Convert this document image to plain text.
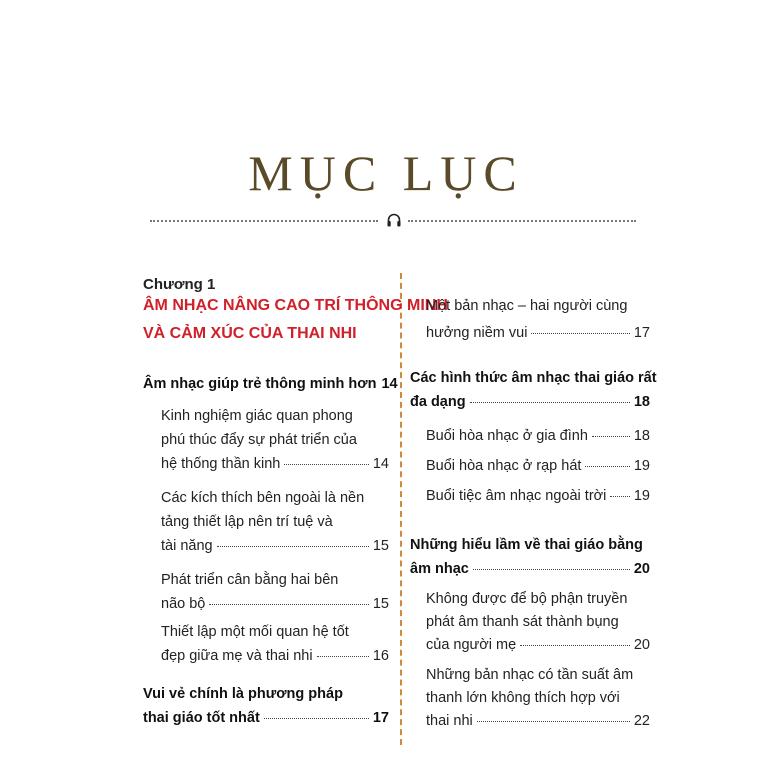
MỤC LỤC
Chương 1
ÂM NHẠC NÂNG CAO TRÍ THÔNG MINH
VÀ CẢM XÚC CỦA THAI NHI
Âm nhạc giúp trẻ thông minh hơn 14
Kinh nghiệm giác quan phong
phú thúc đẩy sự phát triển của
hệ thống thần kinh	14
Các kích thích bên ngoài là nền
tảng thiết lập nên trí tuệ và
tài năng	15
Phát triển cân bằng hai bên
não bộ	15
Thiết lập một mối quan hệ tốt
đẹp giữa mẹ và thai nhi	16
Vui vẻ chính là phương pháp
thai giáo tốt nhất	17
Một bản nhạc – hai người cùng
hưởng niềm vui	17
Các hình thức âm nhạc thai giáo rất
đa dạng	18
Buổi hòa nhạc ở gia đình	18
Buổi hòa nhạc ở rạp hát	19
Buổi tiệc âm nhạc ngoài trời 19
Những hiểu lầm về thai giáo bằng
âm nhạc	20
Không được để bộ phận truyền
phát âm thanh sát thành bụng
của người mẹ	20
Những bản nhạc có tần suất âm
thanh lớn không thích hợp với
thai nhi	22
